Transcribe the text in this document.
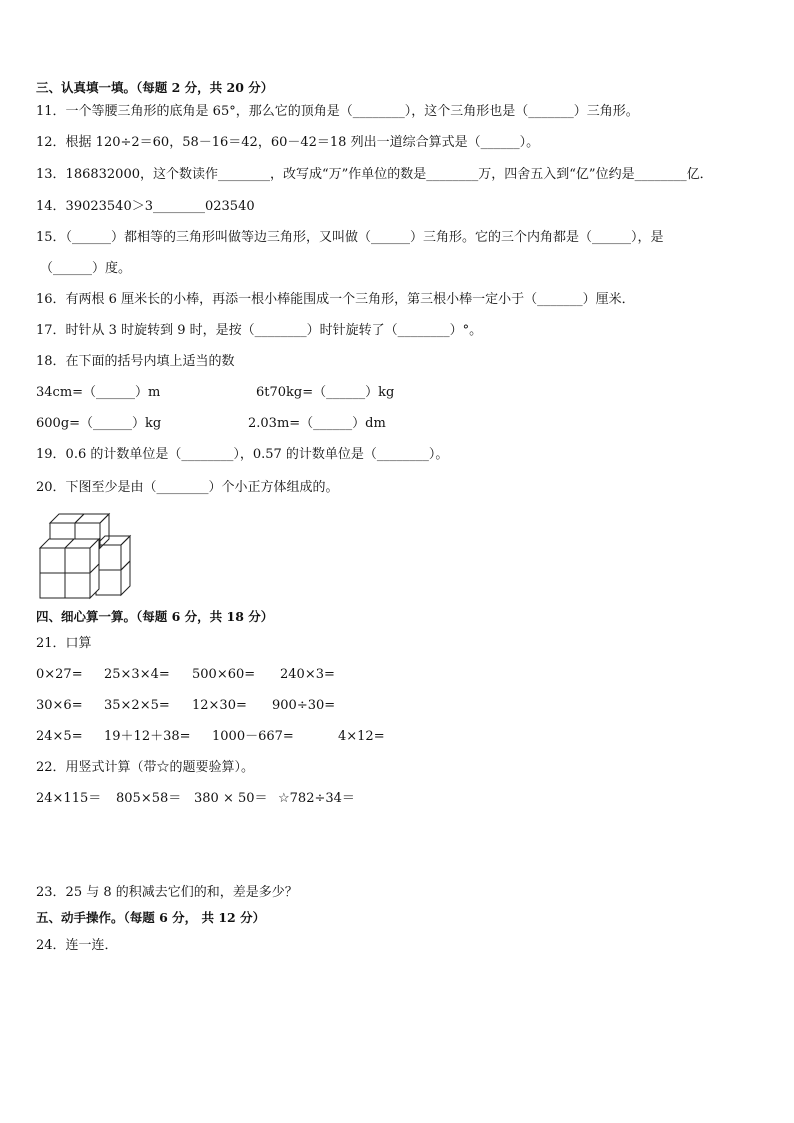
三、认真填一填。（每题 2 分，共 20 分）
11．一个等腰三角形的底角是 65°，那么它的顶角是（________），这个三角形也是（_______）三角形。
12．根据 120÷2＝60，58－16＝42，60－42＝18 列出一道综合算式是（______）。
13．186832000，这个数读作________，改写成“万”作单位的数是________万，四舍五入到“亿”位约是________亿．
14．39023540＞3________023540
15．（______）都相等的三角形叫做等边三角形，又叫做（______）三角形。它的三个内角都是（______），是
（______）度。
16．有两根 6 厘米长的小棒，再添一根小棒能围成一个三角形，第三根小棒一定小于（_______）厘米．
17．时针从 3 时旋转到 9 时，是按（________）时针旋转了（________）°。
18．在下面的括号内填上适当的数
34cm=（______）m	6t70kg=（______）kg
600g=（______）kg	2.03m=（______）dm
19．0.6 的计数单位是（________），0.57 的计数单位是（________）。
20．下图至少是由（________）个小正方体组成的。
四、细心算一算。（每题 6 分，共 18 分）
21．口算
0×27= 25×3×4= 500×60= 240×3=
30×6= 35×2×5= 12×30= 900÷30=
24×5= 19＋12＋38= 1000－667=	4×12=
22．用竖式计算（带☆的题要验算）。
24×115＝ 805×58＝ 380 × 50＝ ☆782÷34＝
23．25 与 8 的积减去它们的和，差是多少？
五、动手操作。（每题 6 分， 共 12 分）
24．连一连．
